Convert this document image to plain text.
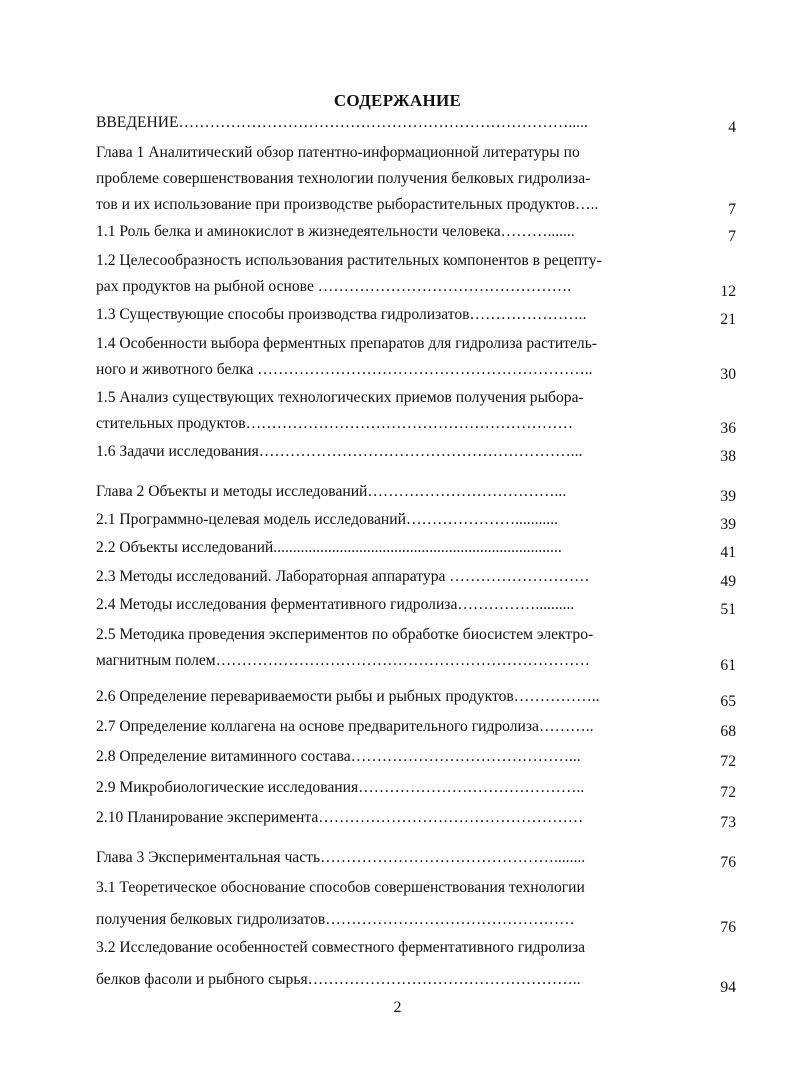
СОДЕРЖАНИЕ
ВВЕДЕНИЕ………………………………………………………………….....	4
Глава 1 Аналитический обзор патентно-информационной литературы по
проблеме совершенствования технологии получения белковых гидролиза-
тов и их использование при производстве рыборастительных продуктов…..	7
1.1 Роль белка и аминокислот в жизнедеятельности человека……….......	7
1.2 Целесообразность использования растительных компонентов в рецепту-
рах продуктов на рыбной основе ………………………………………….	12
1.3 Существующие способы производства гидролизатов…………………..	21
1.4 Особенности выбора ферментных препаратов для гидролиза раститель-
ного и животного белка ………………………………………………………..	30
1.5 Анализ существующих технологических приемов получения рыбора-
стительных продуктов………………………………………………………	36
1.6 Задачи исследования……………………………………………………...	38
Глава 2 Объекты и методы исследований………………………………...	39
2.1 Программно-целевая модель исследований…………………...........	39
2.2 Объекты исследований..........................................................................	41
2.3 Методы исследований. Лабораторная аппаратура ………………………	49
2.4 Методы исследования ферментативного гидролиза……………..........	51
2.5 Методика проведения экспериментов по обработке биосистем электро-
магнитным полем………………………………………………………………	61
2.6 Определение перевариваемости рыбы и рыбных продуктов……………..	65
2.7 Определение коллагена на основе предварительного гидролиза………..	68
2.8 Определение витаминного состава……………………………………...	72
2.9 Микробиологические исследования……………………………………..	72
2.10 Планирование эксперимента……………………………………………	73
Глава 3 Экспериментальная часть………………………………………........	76
3.1 Теоретическое обоснование способов совершенствования технологии
получения белковых гидролизатов…………………………………………	76
3.2 Исследование особенностей совместного ферментативного гидролиза
белков фасоли и рыбного сырья……………………………………………..	94
2
